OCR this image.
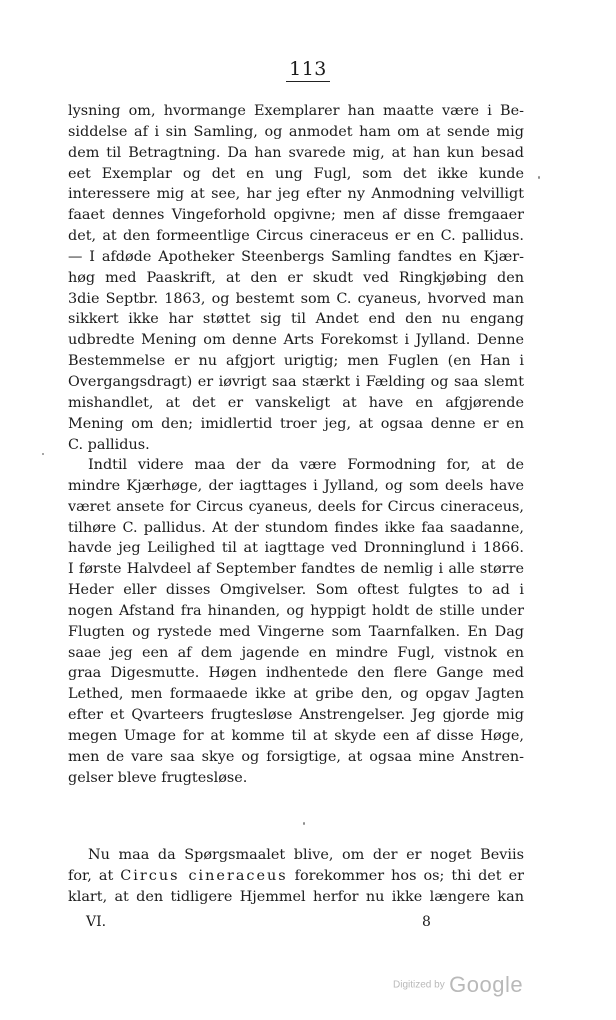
113
lysning om, hvormange Exemplarer han maatte være i Be-
siddelse af i sin Samling, og anmodet ham om at sende mig
dem til Betragtning. Da han svarede mig, at han kun besad
eet Exemplar og det en ung Fugl, som det ikke kunde
interessere mig at see, har jeg efter ny Anmodning velvilligt
faaet dennes Vingeforhold opgivne; men af disse fremgaaer
det, at den formeentlige Circus cineraceus er en C. pallidus.
— I afdøde Apotheker Steenbergs Samling fandtes en Kjær-
høg med Paaskrift, at den er skudt ved Ringkjøbing den
3die Septbr. 1863, og bestemt som C. cyaneus, hvorved man
sikkert ikke har støttet sig til Andet end den nu engang
udbredte Mening om denne Arts Forekomst i Jylland. Denne
Bestemmelse er nu afgjort urigtig; men Fuglen (en Han i
Overgangsdragt) er iøvrigt saa stærkt i Fælding og saa slemt
mishandlet, at det er vanskeligt at have en afgjørende
Mening om den; imidlertid troer jeg, at ogsaa denne er en
C. pallidus.
Indtil videre maa der da være Formodning for, at de
mindre Kjærhøge, der iagttages i Jylland, og som deels have
været ansete for Circus cyaneus, deels for Circus cineraceus,
tilhøre C. pallidus. At der stundom findes ikke faa saadanne,
havde jeg Leilighed til at iagttage ved Dronninglund i 1866.
I første Halvdeel af September fandtes de nemlig i alle større
Heder eller disses Omgivelser. Som oftest fulgtes to ad i
nogen Afstand fra hinanden, og hyppigt holdt de stille under
Flugten og rystede med Vingerne som Taarnfalken. En Dag
saae jeg een af dem jagende en mindre Fugl, vistnok en
graa Digesmutte. Høgen indhentede den flere Gange med
Lethed, men formaaede ikke at gribe den, og opgav Jagten
efter et Qvarteers frugtesløse Anstrengelser. Jeg gjorde mig
megen Umage for at komme til at skyde een af disse Høge,
men de vare saa skye og forsigtige, at ogsaa mine Anstren-
gelser bleve frugtesløse.
Nu maa da Spørgsmaalet blive, om der er noget Beviis
for, at Circus cineraceus forekommer hos os; thi det er
klart, at den tidligere Hjemmel herfor nu ikke længere kan
VI.	8
Digitized by Google
